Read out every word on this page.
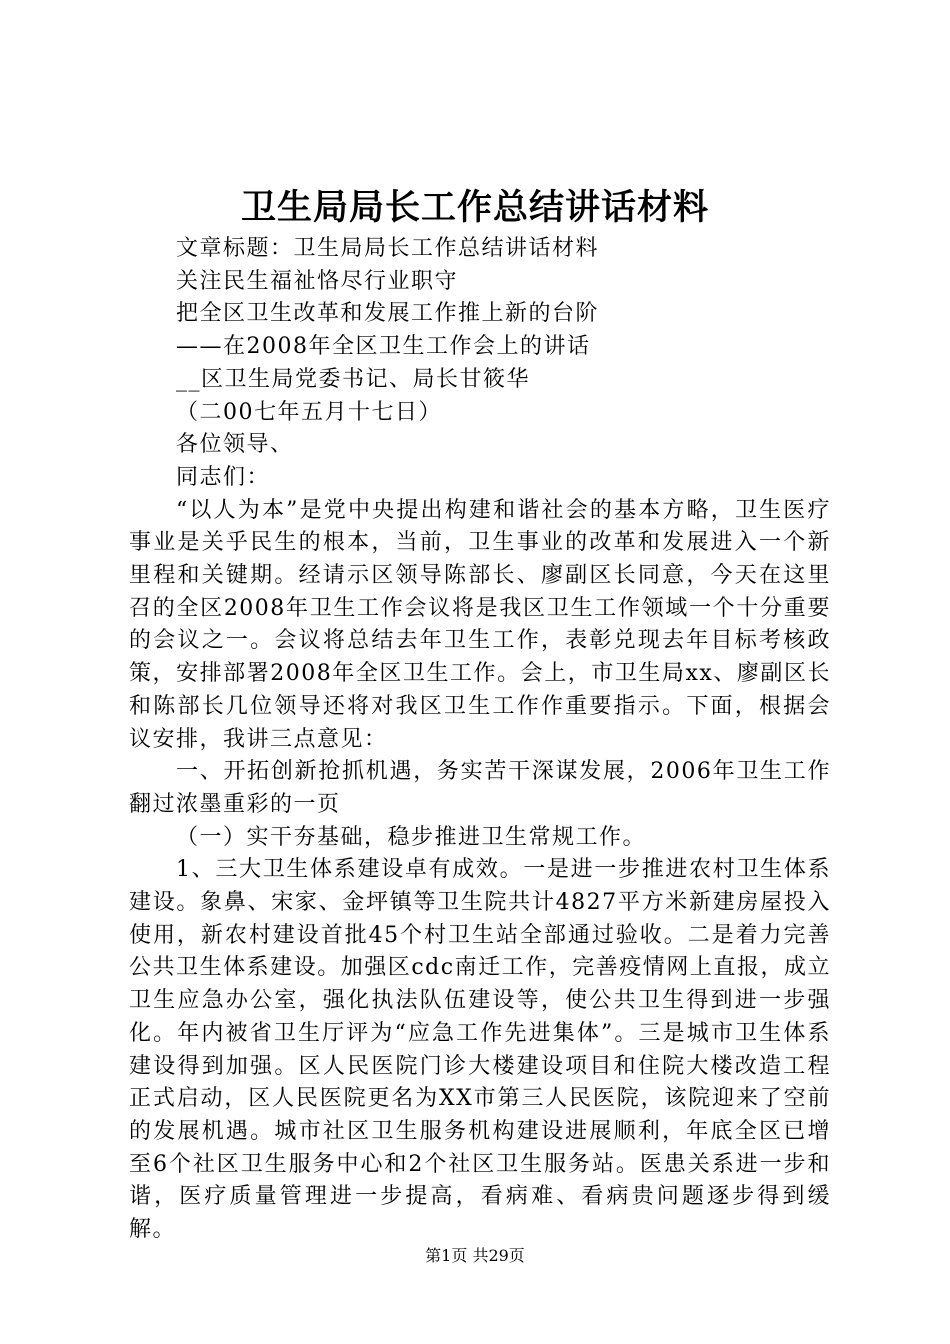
卫生局局长工作总结讲话材料

文章标题：卫生局局长工作总结讲话材料

关注民生福祉恪尽行业职守

把全区卫生改革和发展工作推上新的台阶

——在2008年全区卫生工作会上的讲话

__区卫生局党委书记、局长甘筱华

（二00七年五月十七日）

各位领导、

同志们：

“以人为本”是党中央提出构建和谐社会的基本方略，卫生医疗事业是关乎民生的根本，当前，卫生事业的改革和发展进入一个新里程和关键期。经请示区领导陈部长、廖副区长同意，今天在这里召的全区2008年卫生工作会议将是我区卫生工作领域一个十分重要的会议之一。会议将总结去年卫生工作，表彰兑现去年目标考核政策，安排部署2008年全区卫生工作。会上，市卫生局xx、廖副区长和陈部长几位领导还将对我区卫生工作作重要指示。下面，根据会议安排，我讲三点意见：

一、开拓创新抢抓机遇，务实苦干深谋发展，2006年卫生工作翻过浓墨重彩的一页

（一）实干夯基础，稳步推进卫生常规工作。

1、三大卫生体系建设卓有成效。一是进一步推进农村卫生体系建设。象鼻、宋家、金坪镇等卫生院共计4827平方米新建房屋投入使用，新农村建设首批45个村卫生站全部通过验收。二是着力完善公共卫生体系建设。加强区cdc南迁工作，完善疫情网上直报，成立卫生应急办公室，强化执法队伍建设等，使公共卫生得到进一步强化。年内被省卫生厅评为“应急工作先进集体”。三是城市卫生体系建设得到加强。区人民医院门诊大楼建设项目和住院大楼改造工程正式启动，区人民医院更名为XX市第三人民医院，该院迎来了空前的发展机遇。城市社区卫生服务机构建设进展顺利，年底全区已增至6个社区卫生服务中心和2个社区卫生服务站。医患关系进一步和谐，医疗质量管理进一步提高，看病难、看病贵问题逐步得到缓解。

第1页 共29页
